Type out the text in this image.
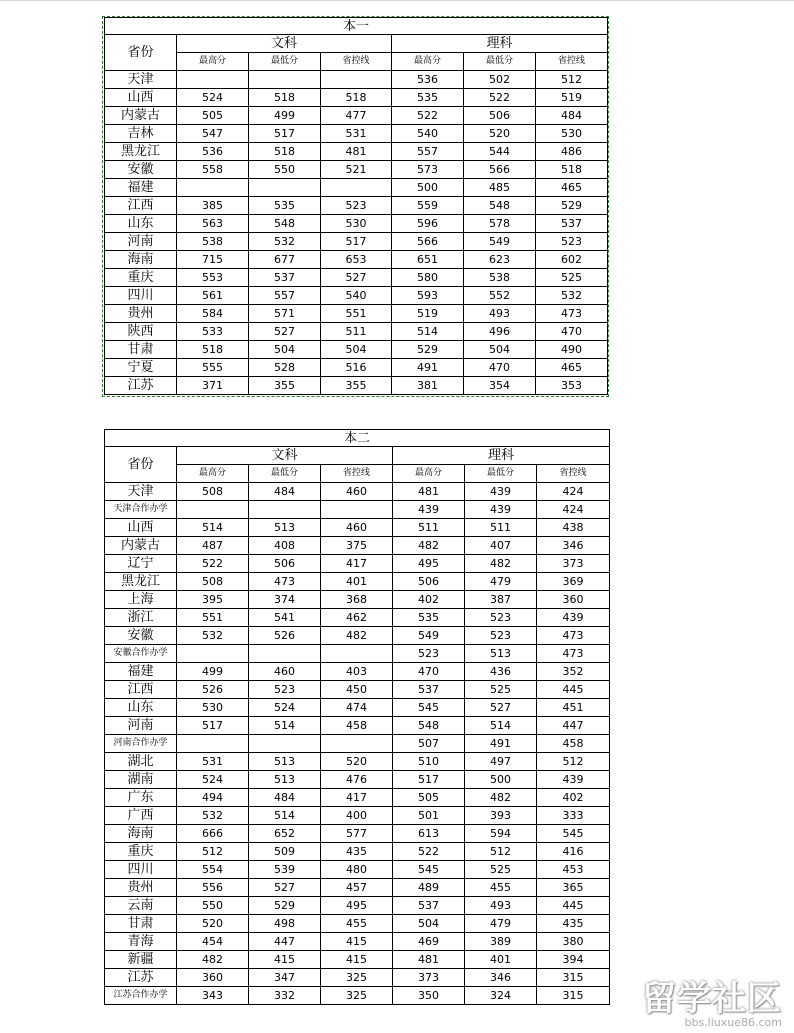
本一						
省份	文科			理科		
	最高分	最低分	省控线	最高分	最低分	省控线
天津				536	502	512
山西	524	518	518	535	522	519
内蒙古	505	499	477	522	506	484
吉林	547	517	531	540	520	530
黑龙江	536	518	481	557	544	486
安徽	558	550	521	573	566	518
福建				500	485	465
江西	385	535	523	559	548	529
山东	563	548	530	596	578	537
河南	538	532	517	566	549	523
海南	715	677	653	651	623	602
重庆	553	537	527	580	538	525
四川	561	557	540	593	552	532
贵州	584	571	551	519	493	473
陕西	533	527	511	514	496	470
甘肃	518	504	504	529	504	490
宁夏	555	528	516	491	470	465
江苏	371	355	355	381	354	353
本二						
省份	文科			理科		
	最高分	最低分	省控线	最高分	最低分	省控线
天津	508	484	460	481	439	424
天津合作办学				439	439	424
山西	514	513	460	511	511	438
内蒙古	487	408	375	482	407	346
辽宁	522	506	417	495	482	373
黑龙江	508	473	401	506	479	369
上海	395	374	368	402	387	360
浙江	551	541	462	535	523	439
安徽	532	526	482	549	523	473
安徽合作办学				523	513	473
福建	499	460	403	470	436	352
江西	526	523	450	537	525	445
山东	530	524	474	545	527	451
河南	517	514	458	548	514	447
河南合作办学				507	491	458
湖北	531	513	520	510	497	512
湖南	524	513	476	517	500	439
广东	494	484	417	505	482	402
广西	532	514	400	501	393	333
海南	666	652	577	613	594	545
重庆	512	509	435	522	512	416
四川	554	539	480	545	525	453
贵州	556	527	457	489	455	365
云南	550	529	495	537	493	445
甘肃	520	498	455	504	479	435
青海	454	447	415	469	389	380
新疆	482	415	415	481	401	394
江苏	360	347	325	373	346	315
江苏合作办学	343	332	325	350	324	315 留学社区
bbs.liuxue86.com
